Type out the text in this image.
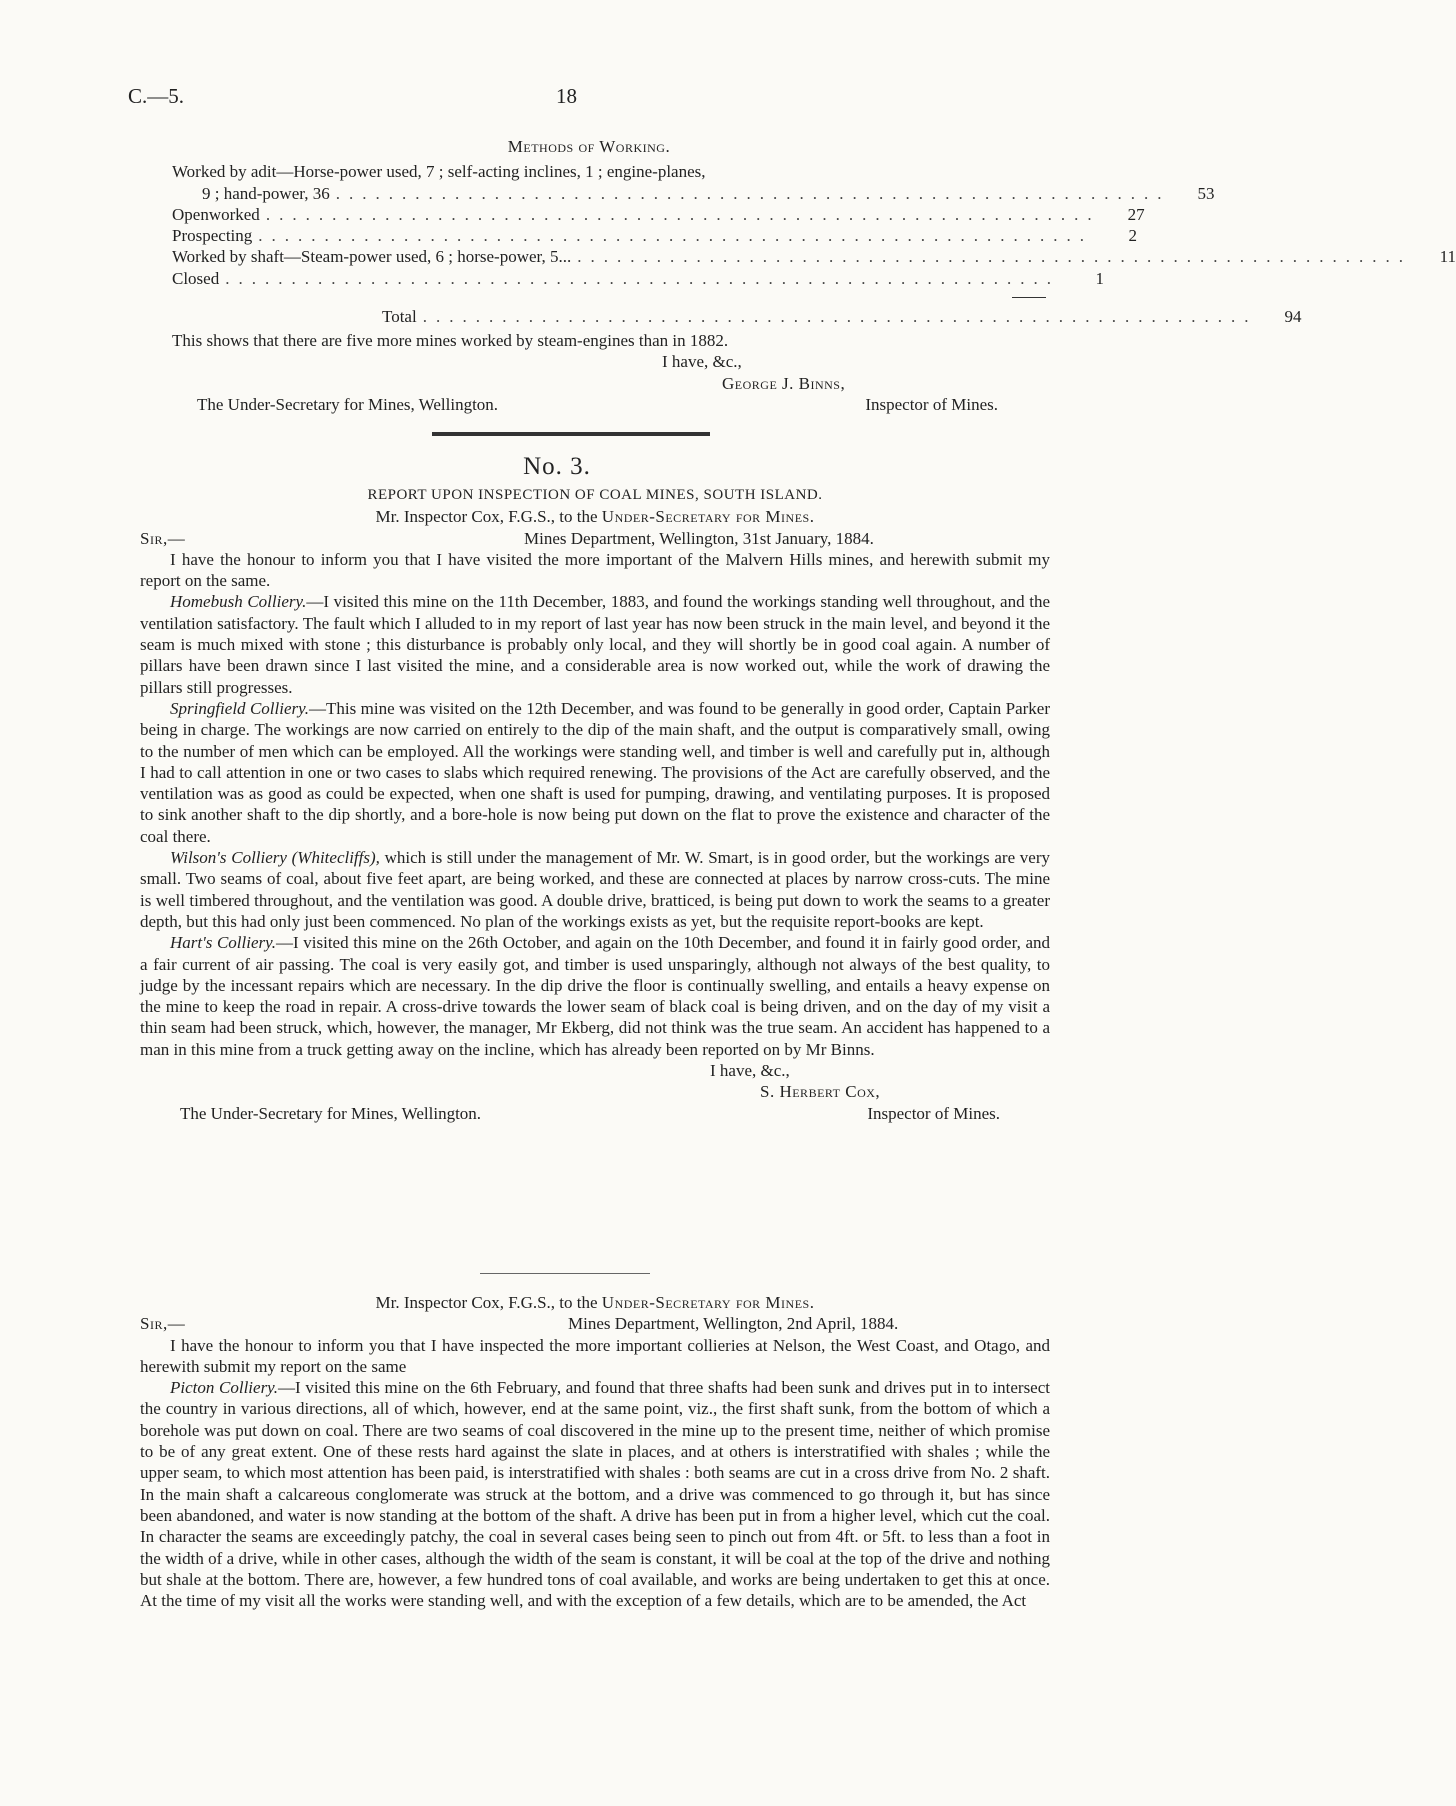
C.—5.	18
Methods of Working.
Worked by adit—Horse-power used, 7 ; self-acting inclines, 1 ; engine-planes,
9 ; hand-power, 36 ...............................................................	53
Openworked ...............................................................	27
Prospecting ...............................................................	2
Worked by shaft—Steam-power used, 6 ; horse-power, 5... ...............................................................	11
Closed ...............................................................	1
Total ...............................................................	94
This shows that there are five more mines worked by steam-engines than in 1882.
I have, &c.,
George J. Binns,
The Under-Secretary for Mines, Wellington.	Inspector of Mines.
No. 3.
REPORT UPON INSPECTION OF COAL MINES, SOUTH ISLAND.
Mr. Inspector Cox, F.G.S., to the Under-Secretary for Mines.
Sir,—	Mines Department, Wellington, 31st January, 1884.

I have the honour to inform you that I have visited the more important of the Malvern Hills mines, and herewith submit my report on the same.

Homebush Colliery.—I visited this mine on the 11th December, 1883, and found the workings standing well throughout, and the ventilation satisfactory. The fault which I alluded to in my report of last year has now been struck in the main level, and beyond it the seam is much mixed with stone ; this disturbance is probably only local, and they will shortly be in good coal again. A number of pillars have been drawn since I last visited the mine, and a considerable area is now worked out, while the work of drawing the pillars still progresses.

Springfield Colliery.—This mine was visited on the 12th December, and was found to be generally in good order, Captain Parker being in charge. The workings are now carried on entirely to the dip of the main shaft, and the output is comparatively small, owing to the number of men which can be employed. All the workings were standing well, and timber is well and carefully put in, although I had to call attention in one or two cases to slabs which required renewing. The provisions of the Act are carefully observed, and the ventilation was as good as could be expected, when one shaft is used for pumping, drawing, and ventilating purposes. It is proposed to sink another shaft to the dip shortly, and a bore-hole is now being put down on the flat to prove the existence and character of the coal there.

Wilson's Colliery (Whitecliffs), which is still under the management of Mr. W. Smart, is in good order, but the workings are very small. Two seams of coal, about five feet apart, are being worked, and these are connected at places by narrow cross-cuts. The mine is well timbered throughout, and the ventilation was good. A double drive, bratticed, is being put down to work the seams to a greater depth, but this had only just been commenced. No plan of the workings exists as yet, but the requisite report-books are kept.

Hart's Colliery.—I visited this mine on the 26th October, and again on the 10th December, and found it in fairly good order, and a fair current of air passing. The coal is very easily got, and timber is used unsparingly, although not always of the best quality, to judge by the incessant repairs which are necessary. In the dip drive the floor is continually swelling, and entails a heavy expense on the mine to keep the road in repair. A cross-drive towards the lower seam of black coal is being driven, and on the day of my visit a thin seam had been struck, which, however, the manager, Mr Ekberg, did not think was the true seam. An accident has happened to a man in this mine from a truck getting away on the incline, which has already been reported on by Mr Binns.

I have, &c.,
S. Herbert Cox,
The Under-Secretary for Mines, Wellington.	Inspector of Mines.
Mr. Inspector Cox, F.G.S., to the Under-Secretary for Mines.
Sir,—	Mines Department, Wellington, 2nd April, 1884.

I have the honour to inform you that I have inspected the more important collieries at Nelson, the West Coast, and Otago, and herewith submit my report on the same

Picton Colliery.—I visited this mine on the 6th February, and found that three shafts had been sunk and drives put in to intersect the country in various directions, all of which, however, end at the same point, viz., the first shaft sunk, from the bottom of which a borehole was put down on coal. There are two seams of coal discovered in the mine up to the present time, neither of which promise to be of any great extent. One of these rests hard against the slate in places, and at others is interstratified with shales ; while the upper seam, to which most attention has been paid, is interstratified with shales : both seams are cut in a cross drive from No. 2 shaft. In the main shaft a calcareous conglomerate was struck at the bottom, and a drive was commenced to go through it, but has since been abandoned, and water is now standing at the bottom of the shaft. A drive has been put in from a higher level, which cut the coal. In character the seams are exceedingly patchy, the coal in several cases being seen to pinch out from 4ft. or 5ft. to less than a foot in the width of a drive, while in other cases, although the width of the seam is constant, it will be coal at the top of the drive and nothing but shale at the bottom. There are, however, a few hundred tons of coal available, and works are being undertaken to get this at once. At the time of my visit all the works were standing well, and with the exception of a few details, which are to be amended, the Act
